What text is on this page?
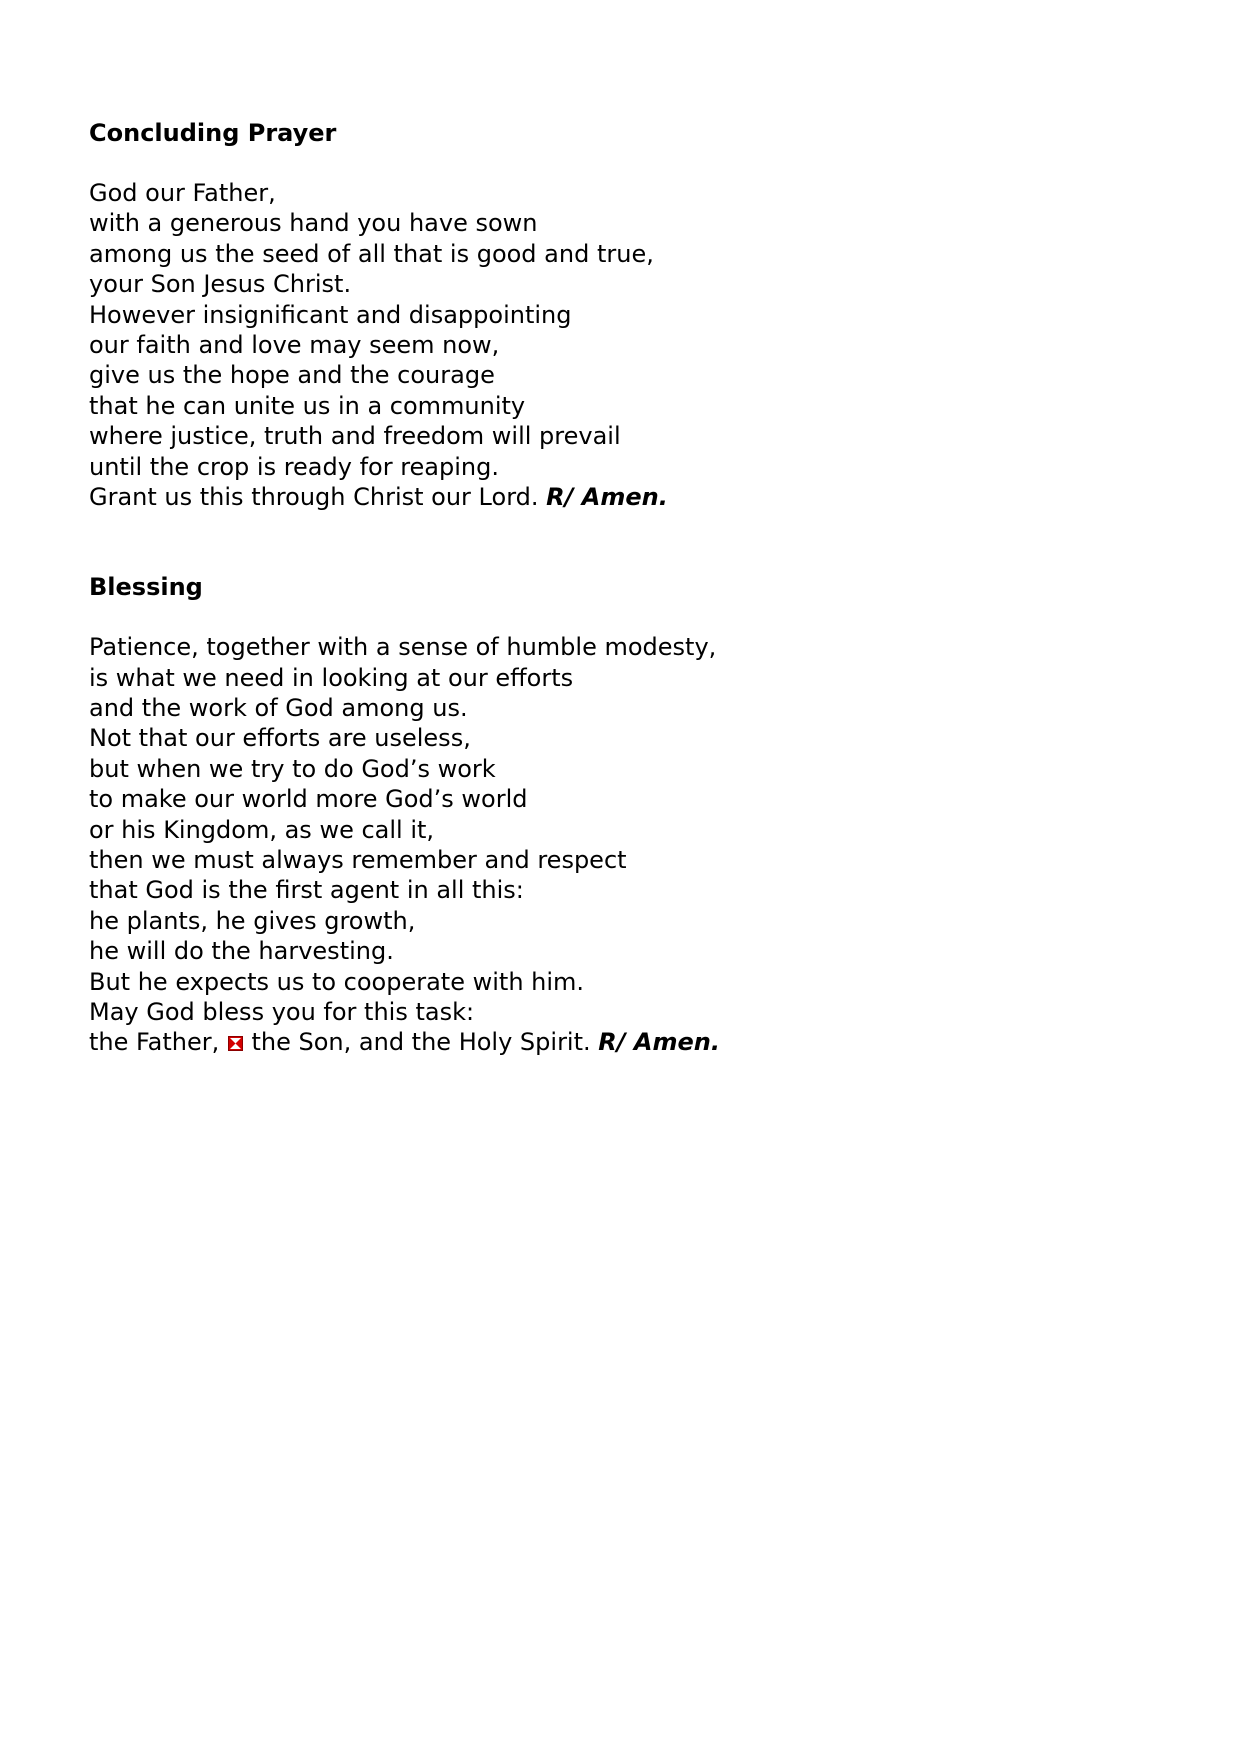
Concluding Prayer
God our Father,
with a generous hand you have sown
among us the seed of all that is good and true,
your Son Jesus Christ.
However insignificant and disappointing
our faith and love may seem now,
give us the hope and the courage
that he can unite us in a community
where justice, truth and freedom will prevail
until the crop is ready for reaping.
Grant us this through Christ our Lord. R/ Amen.
Blessing
Patience, together with a sense of humble modesty,
is what we need in looking at our efforts
and the work of God among us.
Not that our efforts are useless,
but when we try to do God’s work
to make our world more God’s world
or his Kingdom, as we call it,
then we must always remember and respect
that God is the first agent in all this:
he plants, he gives growth,
he will do the harvesting.
But he expects us to cooperate with him.
May God bless you for this task:
the Father, the Son, and the Holy Spirit. R/ Amen.
